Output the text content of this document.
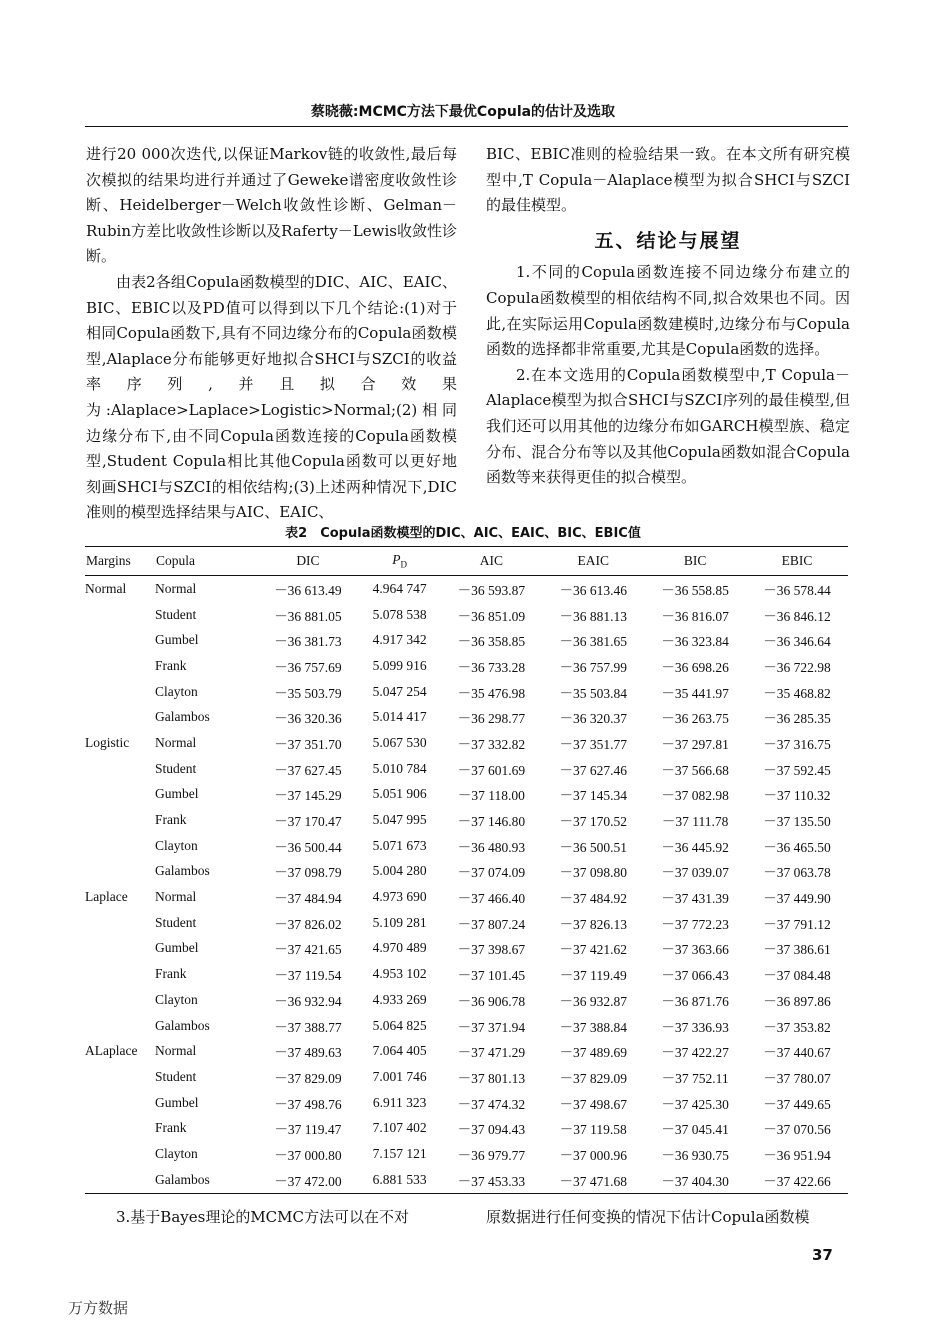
蔡晓薇:MCMC方法下最优Copula的估计及选取

进行20 000次迭代,以保证Markov链的收敛性,最后每次模拟的结果均进行并通过了Geweke谱密度收敛性诊断、Heidelberger－Welch收敛性诊断、Gelman－Rubin方差比收敛性诊断以及Raferty－Lewis收敛性诊断。

由表2各组Copula函数模型的DIC、AIC、EAIC、BIC、EBIC以及PD值可以得到以下几个结论:(1)对于相同Copula函数下,具有不同边缘分布的Copula函数模型,Alaplace分布能够更好地拟合SHCI与SZCI的收益率序列,并且拟合效果为:Alaplace>Laplace>Logistic>Normal;(2)相同边缘分布下,由不同Copula函数连接的Copula函数模型,Student Copula相比其他Copula函数可以更好地刻画SHCI与SZCI的相依结构;(3)上述两种情况下,DIC准则的模型选择结果与AIC、EAIC、

BIC、EBIC准则的检验结果一致。在本文所有研究模型中,T Copula－Alaplace模型为拟合SHCI与SZCI的最佳模型。

五、结论与展望

1.不同的Copula函数连接不同边缘分布建立的Copula函数模型的相依结构不同,拟合效果也不同。因此,在实际运用Copula函数建模时,边缘分布与Copula函数的选择都非常重要,尤其是Copula函数的选择。

2.在本文选用的Copula函数模型中,T Copula－Alaplace模型为拟合SHCI与SZCI序列的最佳模型,但我们还可以用其他的边缘分布如GARCH模型族、稳定分布、混合分布等以及其他Copula函数如混合Copula函数等来获得更佳的拟合模型。

表2　Copula函数模型的DIC、AIC、EAIC、BIC、EBIC值
Margins	Copula	DIC	$P_D$	AIC	EAIC	BIC	EBIC
Normal	Normal	－36 613.49	4.964 747	－36 593.87	－36 613.46	－36 558.85	－36 578.44
	Student	－36 881.05	5.078 538	－36 851.09	－36 881.13	－36 816.07	－36 846.12
	Gumbel	－36 381.73	4.917 342	－36 358.85	－36 381.65	－36 323.84	－36 346.64
	Frank	－36 757.69	5.099 916	－36 733.28	－36 757.99	－36 698.26	－36 722.98
	Clayton	－35 503.79	5.047 254	－35 476.98	－35 503.84	－35 441.97	－35 468.82
	Galambos	－36 320.36	5.014 417	－36 298.77	－36 320.37	－36 263.75	－36 285.35
Logistic	Normal	－37 351.70	5.067 530	－37 332.82	－37 351.77	－37 297.81	－37 316.75
	Student	－37 627.45	5.010 784	－37 601.69	－37 627.46	－37 566.68	－37 592.45
	Gumbel	－37 145.29	5.051 906	－37 118.00	－37 145.34	－37 082.98	－37 110.32
	Frank	－37 170.47	5.047 995	－37 146.80	－37 170.52	－37 111.78	－37 135.50
	Clayton	－36 500.44	5.071 673	－36 480.93	－36 500.51	－36 445.92	－36 465.50
	Galambos	－37 098.79	5.004 280	－37 074.09	－37 098.80	－37 039.07	－37 063.78
Laplace	Normal	－37 484.94	4.973 690	－37 466.40	－37 484.92	－37 431.39	－37 449.90
	Student	－37 826.02	5.109 281	－37 807.24	－37 826.13	－37 772.23	－37 791.12
	Gumbel	－37 421.65	4.970 489	－37 398.67	－37 421.62	－37 363.66	－37 386.61
	Frank	－37 119.54	4.953 102	－37 101.45	－37 119.49	－37 066.43	－37 084.48
	Clayton	－36 932.94	4.933 269	－36 906.78	－36 932.87	－36 871.76	－36 897.86
	Galambos	－37 388.77	5.064 825	－37 371.94	－37 388.84	－37 336.93	－37 353.82
ALaplace	Normal	－37 489.63	7.064 405	－37 471.29	－37 489.69	－37 422.27	－37 440.67
	Student	－37 829.09	7.001 746	－37 801.13	－37 829.09	－37 752.11	－37 780.07
	Gumbel	－37 498.76	6.911 323	－37 474.32	－37 498.67	－37 425.30	－37 449.65
	Frank	－37 119.47	7.107 402	－37 094.43	－37 119.58	－37 045.41	－37 070.56
	Clayton	－37 000.80	7.157 121	－36 979.77	－37 000.96	－36 930.75	－36 951.94
	Galambos	－37 472.00	6.881 533	－37 453.33	－37 471.68	－37 404.30	－37 422.66
3.基于Bayes理论的MCMC方法可以在不对	原数据进行任何变换的情况下估计Copula函数模
37
万方数据
